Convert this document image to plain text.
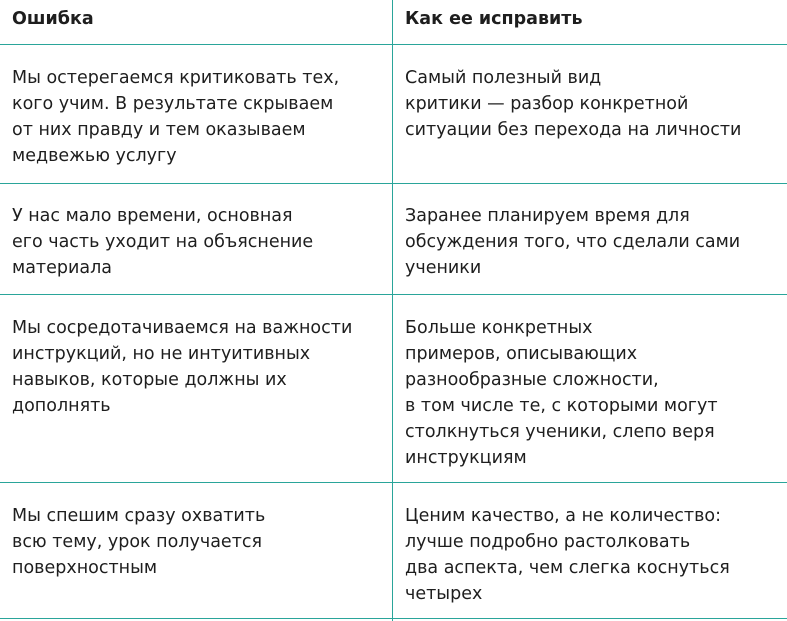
Ошибка	Как ее исправить

Мы остерегаемся критиковать тех,
кого учим. В результате скрываем
от них правду и тем оказываем
медвежью услугу

Самый полезный вид
критики — разбор конкретной
ситуации без перехода на личности

У нас мало времени, основная
его часть уходит на объяснение
материала

Заранее планируем время для
обсуждения того, что сделали сами
ученики

Мы сосредотачиваемся на важности
инструкций, но не интуитивных
навыков, которые должны их
дополнять

Больше конкретных
примеров, описывающих
разнообразные сложности,
в том числе те, с которыми могут
столкнуться ученики, слепо веря
инструкциям

Мы спешим сразу охватить
всю тему, урок получается
поверхностным

Ценим качество, а не количество:
лучше подробно растолковать
два аспекта, чем слегка коснуться
четырех
